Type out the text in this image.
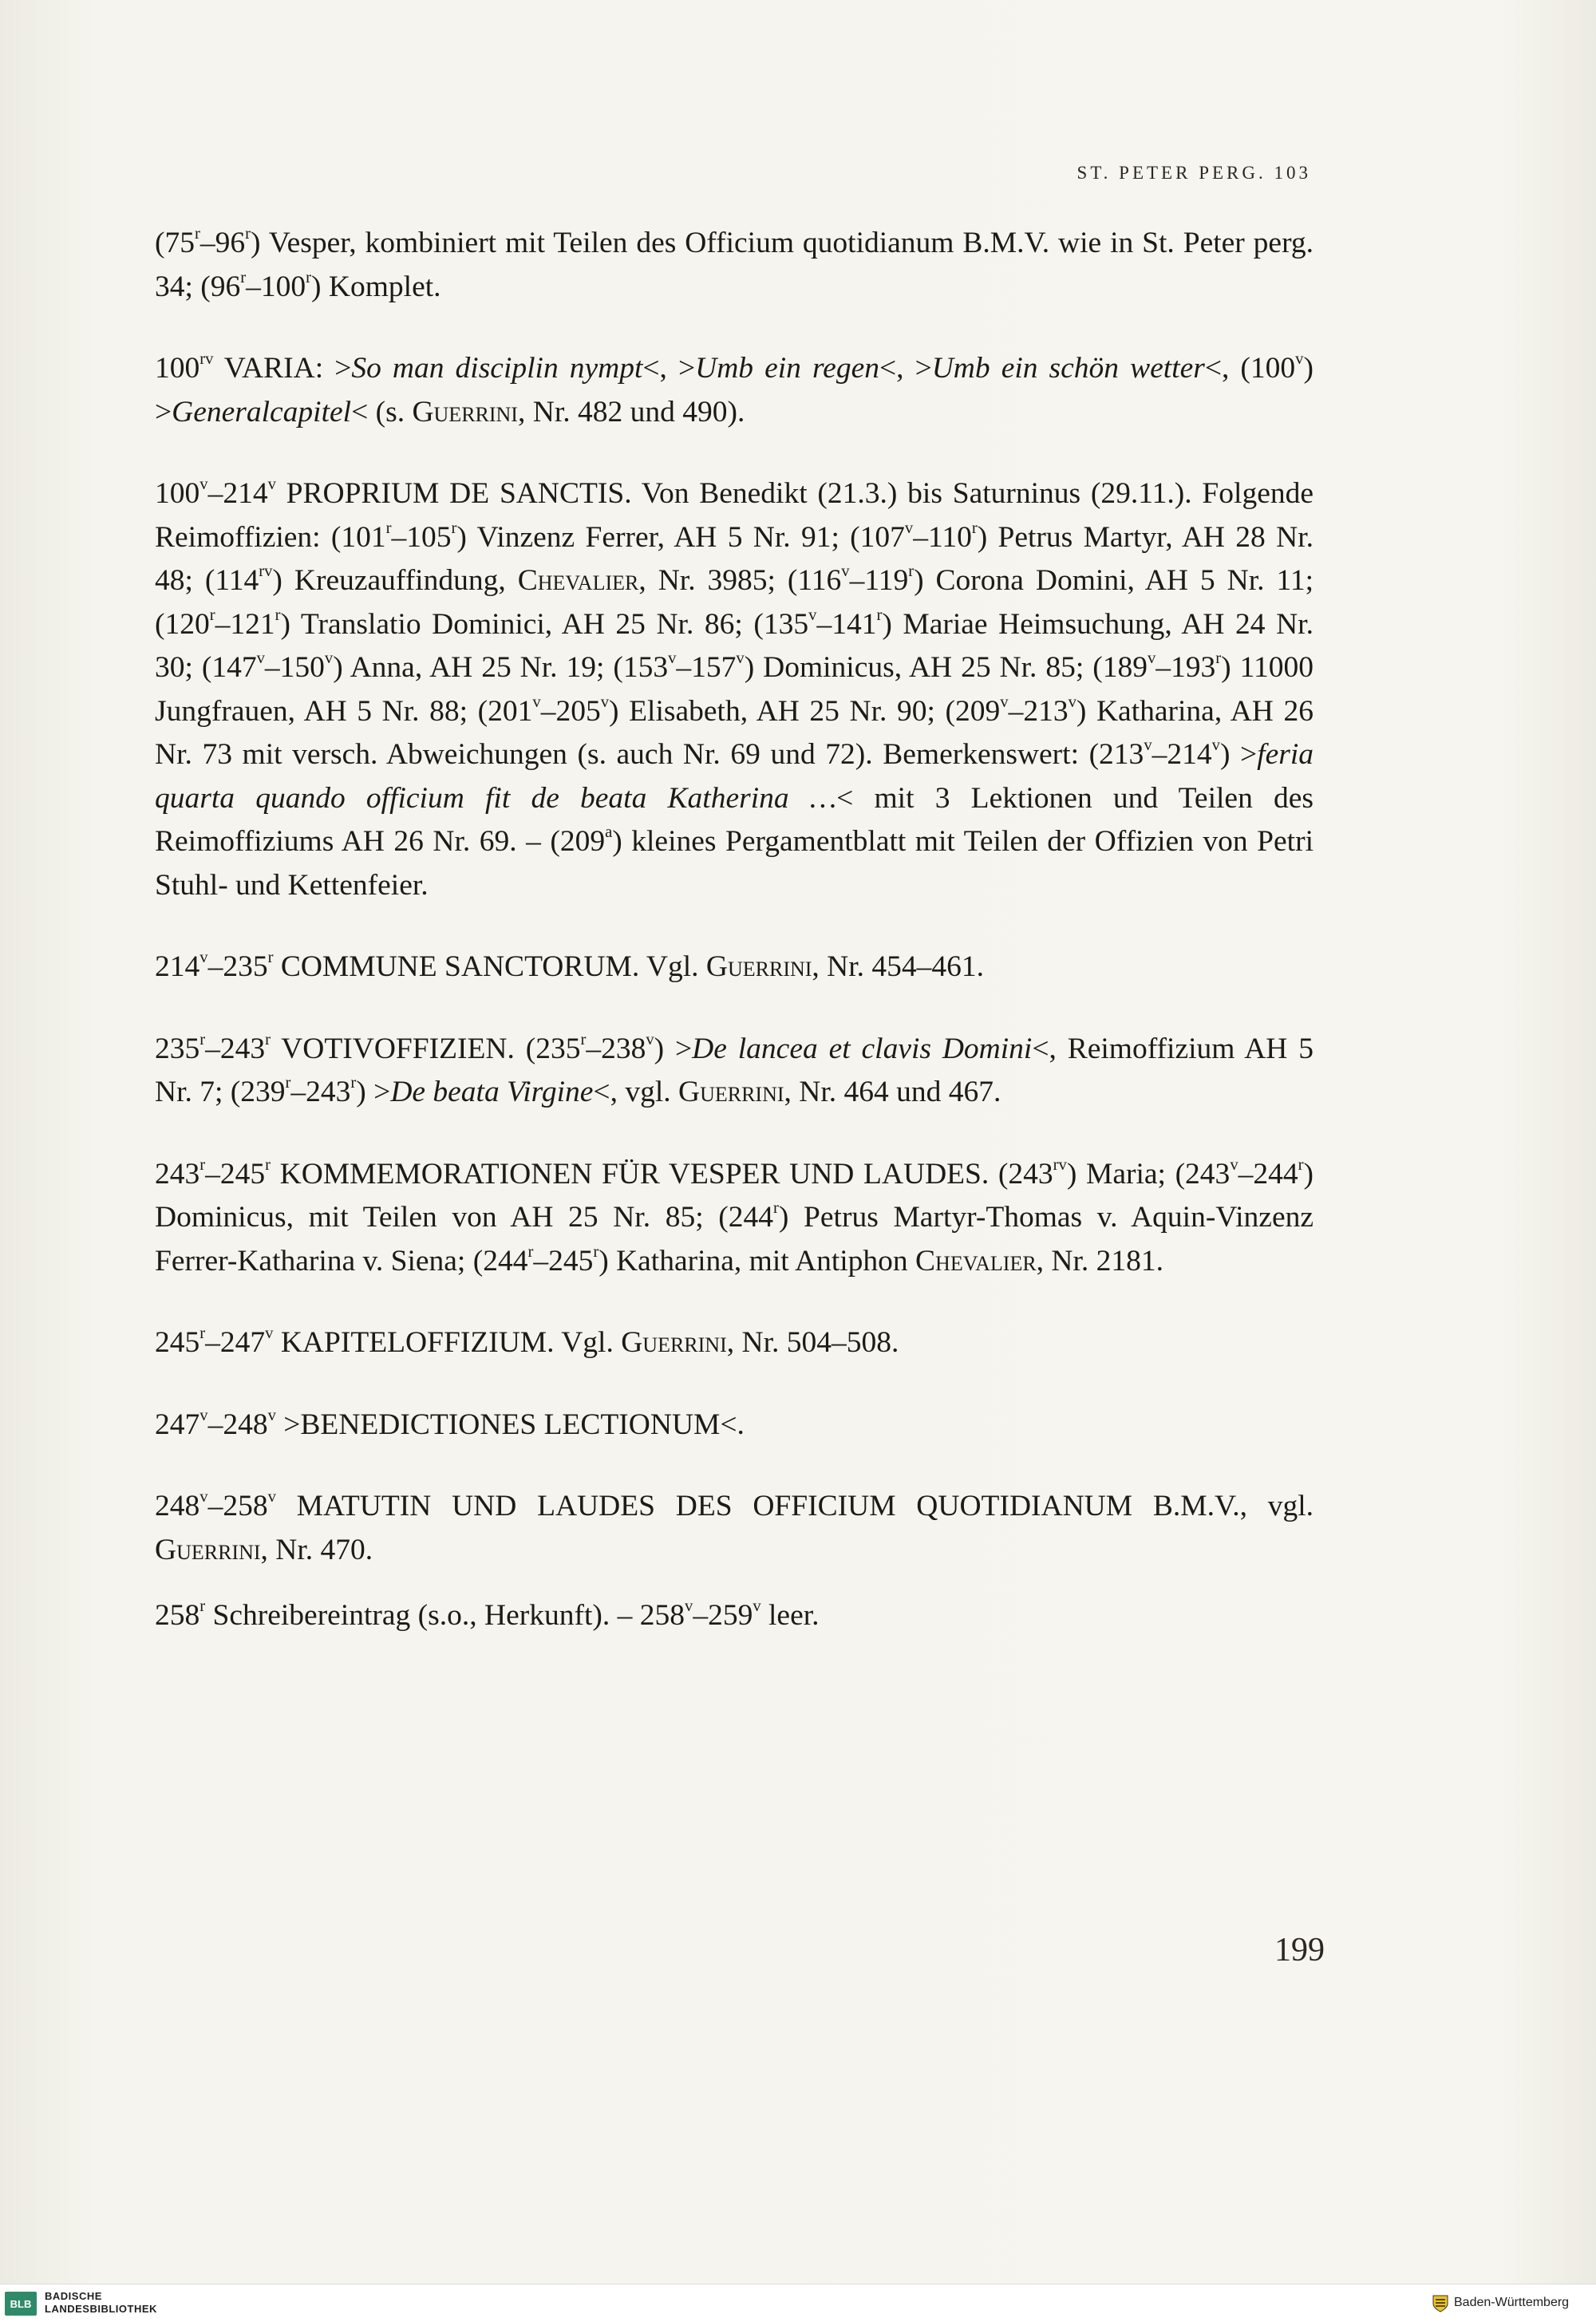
ST. PETER PERG. 103

(75$^r$–96$^r$) Vesper, kombiniert mit Teilen des Officium quotidianum B.M.V. wie in St. Peter perg. 34; (96$^r$–100$^r$) Komplet.

$100^{rv}$ VARIA: >So man disciplin nympt<, >Umb ein regen<, >Umb ein schön wetter<, $(100^v)$ >Generalcapitel< (s. Guerrini, Nr. 482 und 490).

100$^v$–214$^v$ PROPRIUM DE SANCTIS. Von Benedikt (21.3.) bis Saturninus (29.11.). Folgende Reimoffizien: (101$^r$–105$^r$) Vinzenz Ferrer, AH 5 Nr. 91; (107$^v$–110$^r$) Petrus Martyr, AH 28 Nr. 48; $(114^{rv})$ Kreuzauffindung, Chevalier, Nr. 3985; (116$^v$–119$^r$) Corona Domini, AH 5 Nr. 11; (120$^r$–121$^r$) Translatio Dominici, AH 25 Nr. 86; (135$^v$–141$^r$) Mariae Heimsuchung, AH 24 Nr. 30; (147$^v$–150$^v$) Anna, AH 25 Nr. 19; (153$^v$–157$^v$) Dominicus, AH 25 Nr. 85; (189$^v$–193$^r$) 11000 Jungfrauen, AH 5 Nr. 88; (201$^v$–205$^v$) Elisabeth, AH 25 Nr. 90; (209$^v$–213$^v$) Katharina, AH 26 Nr. 73 mit versch. Abweichungen (s. auch Nr. 69 und 72). Bemerkenswert: $(213^v-214^v)$ >feria quarta quando officium fit de beata Katherina …< mit 3 Lektionen und Teilen des Reimoffiziums AH 26 Nr. 69. – (209$^a$) kleines Pergamentblatt mit Teilen der Offizien von Petri Stuhl- und Kettenfeier.

214$^v$–235$^r$ COMMUNE SANCTORUM. Vgl. Guerrini, Nr. 454–461.

235$^r$–243$^r$ VOTIVOFFIZIEN. $(235^r-238^v) >De$ lancea et clavis Domini<, Reimoffizium AH 5 Nr. 7; $(239^r-243^r) >De$ beata Virgine<, vgl. Guerrini, Nr. 464 und 467.

243$^r$–245$^r$ KOMMEMORATIONEN FÜR VESPER UND LAUDES. $(243^{rv})$ Maria; (243$^v$–244$^r$) Dominicus, mit Teilen von AH 25 Nr. 85; (244$^r$) Petrus Martyr-Thomas v. Aquin-Vinzenz Ferrer-Katharina v. Siena; (244$^r$–245$^r$) Katharina, mit Antiphon Chevalier, Nr. 2181.

245$^r$–247$^v$ KAPITELOFFIZIUM. Vgl. Guerrini, Nr. 504–508.

$247^v-248^v$ >BENEDICTIONES LECTIONUM<.

248$^v$–258$^v$ MATUTIN UND LAUDES DES OFFICIUM QUOTIDIANUM B.M.V., vgl. Guerrini, Nr. 470.

258$^r$ Schreibereintrag (s.o., Herkunft). – 258$^v$–259$^v$ leer.

199
BLB
BADISCHE
LANDESBIBLIOTHEK	Baden-Württemberg
